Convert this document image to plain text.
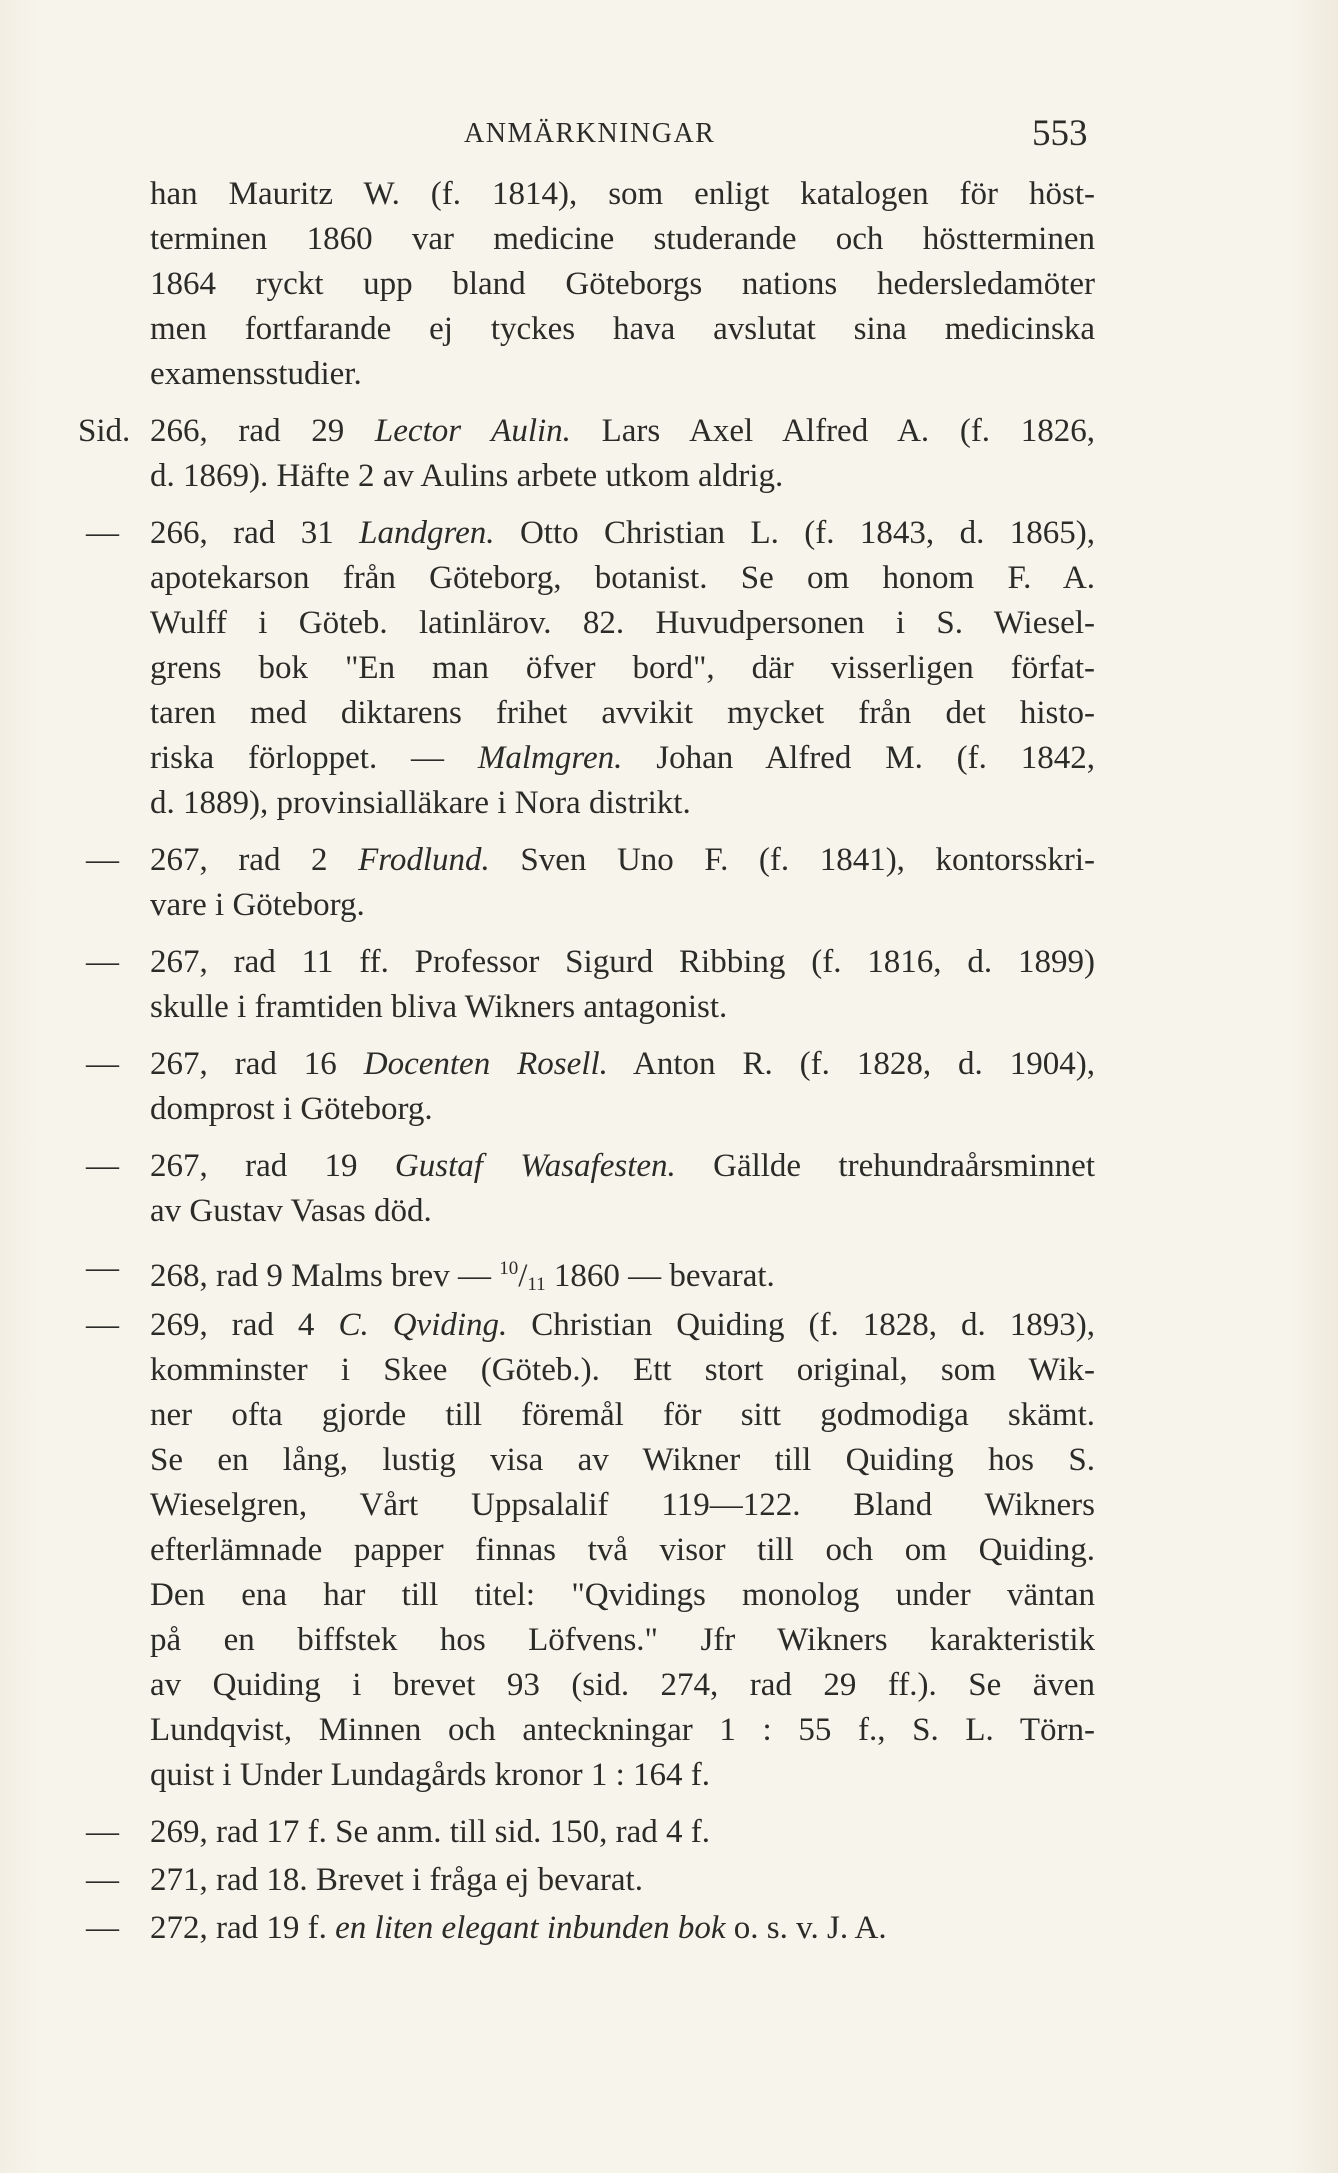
ANMÄRKNINGAR	553
han Mauritz W. (f. 1814), som enligt katalogen för höst-
terminen 1860 var medicine studerande och höstterminen
1864 ryckt upp bland Göteborgs nations hedersledamöter
men fortfarande ej tyckes hava avslutat sina medicinska
examensstudier.
Sid. 266, rad 29 Lector Aulin. Lars Axel Alfred A. (f. 1826,
d. 1869). Häfte 2 av Aulins arbete utkom aldrig.
— 266, rad 31 Landgren. Otto Christian L. (f. 1843, d. 1865),
apotekarson från Göteborg, botanist. Se om honom F. A.
Wulff i Göteb. latinlärov. 82. Huvudpersonen i S. Wiesel-
grens bok "En man öfver bord", där visserligen förfat-
taren med diktarens frihet avvikit mycket från det histo-
riska förloppet. — Malmgren. Johan Alfred M. (f. 1842,
d. 1889), provinsialläkare i Nora distrikt.
— 267, rad 2 Frodlund. Sven Uno F. (f. 1841), kontorsskri-
vare i Göteborg.
— 267, rad 11 ff. Professor Sigurd Ribbing (f. 1816, d. 1899)
skulle i framtiden bliva Wikners antagonist.
— 267, rad 16 Docenten Rosell. Anton R. (f. 1828, d. 1904),
domprost i Göteborg.
— 267, rad 19 Gustaf Wasafesten. Gällde trehundraårsminnet
av Gustav Vasas död.
— 268, rad 9 Malms brev — $^{10}/_{11}$ 1860 — bevarat.
— 269, rad 4 C. Qviding. Christian Quiding (f. 1828, d. 1893),
komminster i Skee (Göteb.). Ett stort original, som Wik-
ner ofta gjorde till föremål för sitt godmodiga skämt.
Se en lång, lustig visa av Wikner till Quiding hos S.
Wieselgren, Vårt Uppsalalif 119—122. Bland Wikners
efterlämnade papper finnas två visor till och om Quiding.
Den ena har till titel: "Qvidings monolog under väntan
på en biffstek hos Löfvens." Jfr Wikners karakteristik
av Quiding i brevet 93 (sid. 274, rad 29 ff.). Se även
Lundqvist, Minnen och anteckningar 1 : 55 f., S. L. Törn-
quist i Under Lundagårds kronor 1 : 164 f.
— 269, rad 17 f. Se anm. till sid. 150, rad 4 f.
— 271, rad 18. Brevet i fråga ej bevarat.
— 272, rad 19 f. en liten elegant inbunden bok o. s. v. J. A.
